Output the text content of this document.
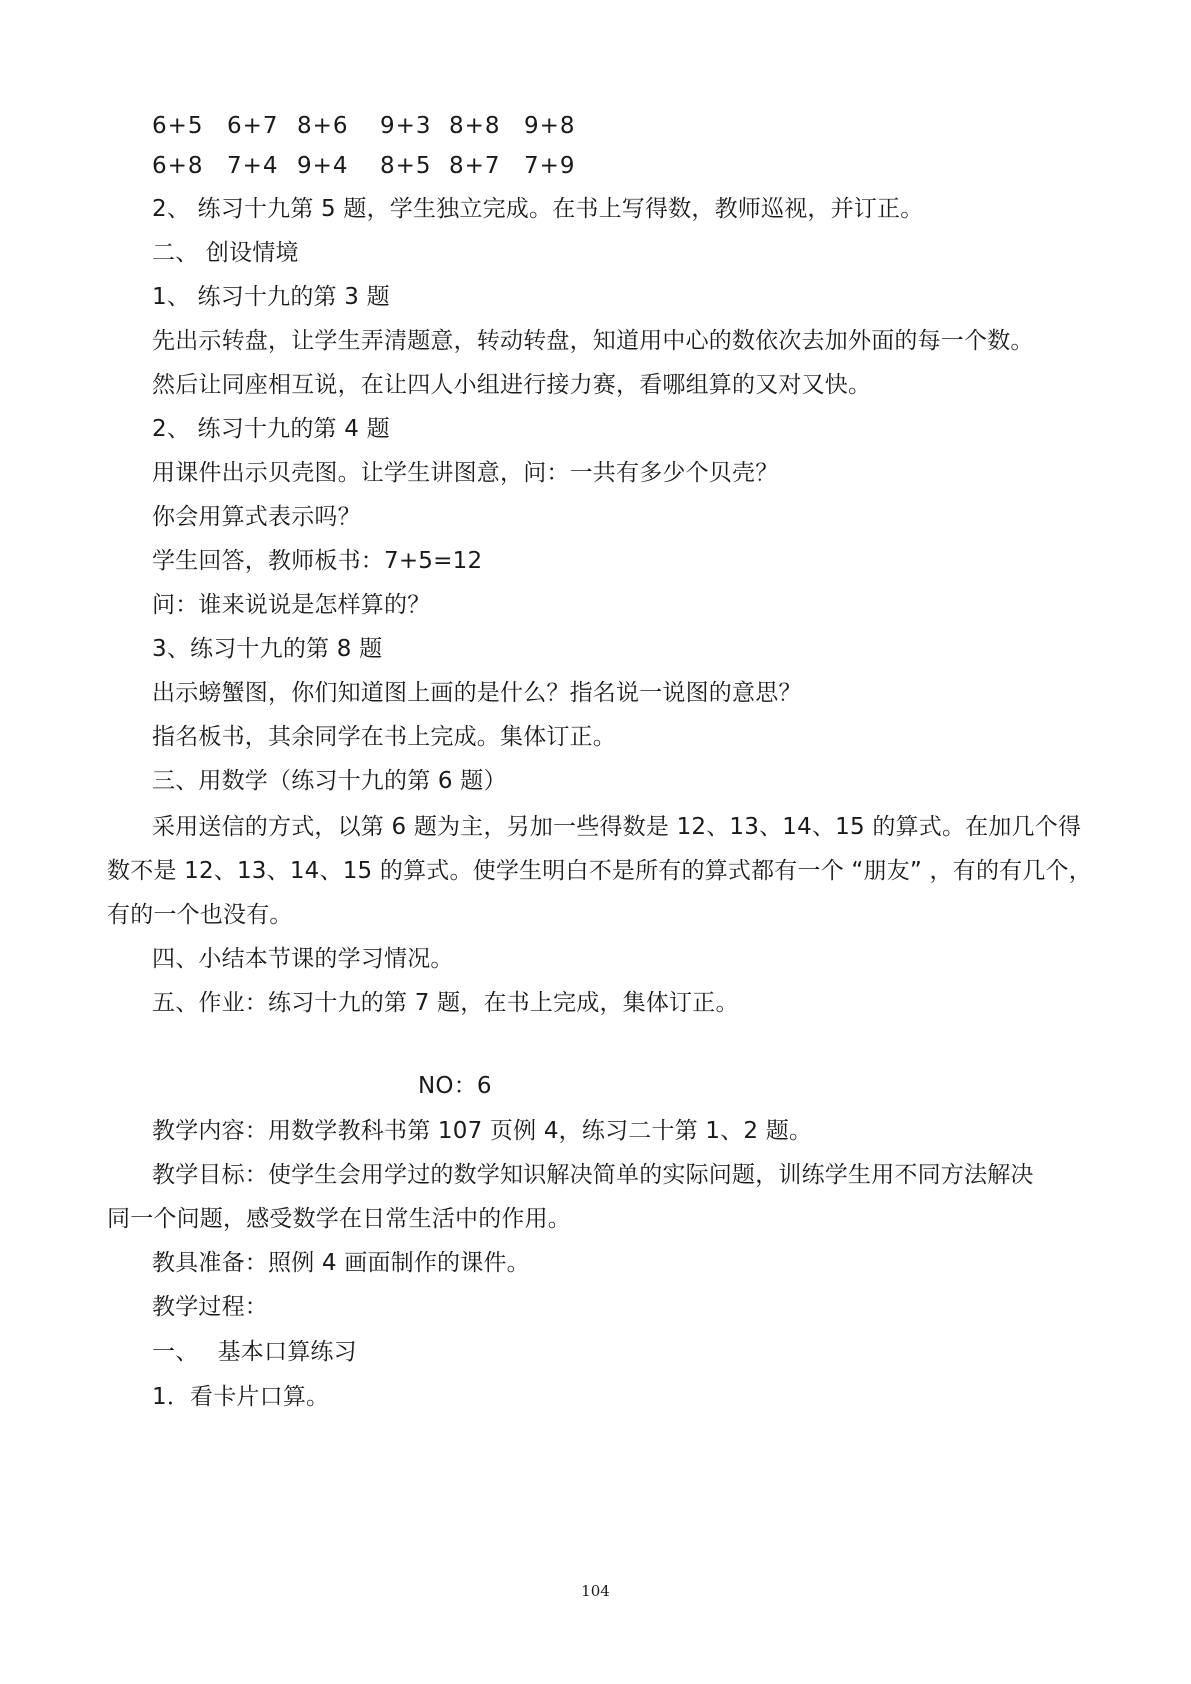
6+5 6+7 8+6 9+3 8+8 9+8
6+8 7+4 9+4 8+5 8+7 7+9
2、 练习十九第 5 题，学生独立完成。在书上写得数，教师巡视，并订正。
二、 创设情境
1、 练习十九的第 3 题
先出示转盘，让学生弄清题意，转动转盘，知道用中心的数依次去加外面的每一个数。
然后让同座相互说，在让四人小组进行接力赛，看哪组算的又对又快。
2、 练习十九的第 4 题
用课件出示贝壳图。让学生讲图意，问：一共有多少个贝壳？
你会用算式表示吗？
学生回答，教师板书：7+5=12
问：谁来说说是怎样算的？
3、练习十九的第 8 题
出示螃蟹图，你们知道图上画的是什么？指名说一说图的意思？
指名板书，其余同学在书上完成。集体订正。
三、用数学（练习十九的第 6 题）
采用送信的方式，以第 6 题为主，另加一些得数是 12、13、14、15 的算式。在加几个得
数不是 12、13、14、15 的算式。使学生明白不是所有的算式都有一个 “朋友” ，有的有几个，
有的一个也没有。
四、小结本节课的学习情况。
五、作业：练习十九的第 7 题，在书上完成，集体订正。
NO：6
教学内容：用数学教科书第 107 页例 4，练习二十第 1、2 题。
教学目标：使学生会用学过的数学知识解决简单的实际问题，训练学生用不同方法解决
同一个问题，感受数学在日常生活中的作用。
教具准备：照例 4 画面制作的课件。
教学过程：
一、　 基本口算练习
1．看卡片口算。
104
